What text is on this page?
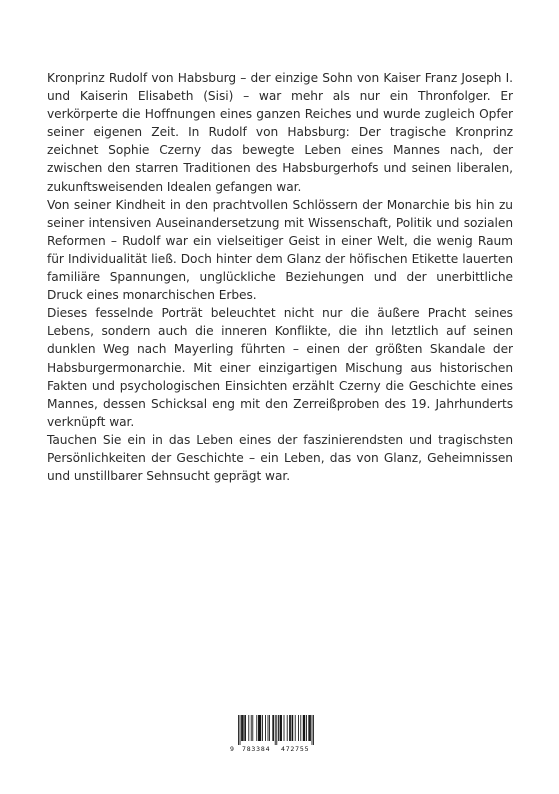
Kronprinz Rudolf von Habsburg – der einzige Sohn von Kaiser Franz Joseph I. und Kaiserin Elisabeth (Sisi) – war mehr als nur ein Thronfolger. Er verkörperte die Hoffnungen eines ganzen Reiches und wurde zugleich Opfer seiner eigenen Zeit. In Rudolf von Habsburg: Der tragische Kronprinz zeichnet Sophie Czerny das bewegte Leben eines Mannes nach, der zwischen den starren Traditionen des Habsburgerhofs und seinen liberalen, zukunftsweisenden Idealen gefangen war.

Von seiner Kindheit in den prachtvollen Schlössern der Monarchie bis hin zu seiner intensiven Auseinandersetzung mit Wissenschaft, Politik und sozialen Reformen – Rudolf war ein vielseitiger Geist in einer Welt, die wenig Raum für Individualität ließ. Doch hinter dem Glanz der höfischen Etikette lauerten familiäre Spannungen, unglückliche Beziehungen und der unerbittliche Druck eines monarchischen Erbes.

Dieses fesselnde Porträt beleuchtet nicht nur die äußere Pracht seines Lebens, sondern auch die inneren Konflikte, die ihn letztlich auf seinen dunklen Weg nach Mayerling führten – einen der größten Skandale der Habsburgermonarchie. Mit einer einzigartigen Mischung aus historischen Fakten und psychologischen Einsichten erzählt Czerny die Geschichte eines Mannes, dessen Schicksal eng mit den Zerreißproben des 19. Jahrhunderts verknüpft war.

Tauchen Sie ein in das Leben eines der faszinierendsten und tragischsten Persönlichkeiten der Geschichte – ein Leben, das von Glanz, Geheimnissen und unstillbarer Sehnsucht geprägt war.

9 783384 472755
